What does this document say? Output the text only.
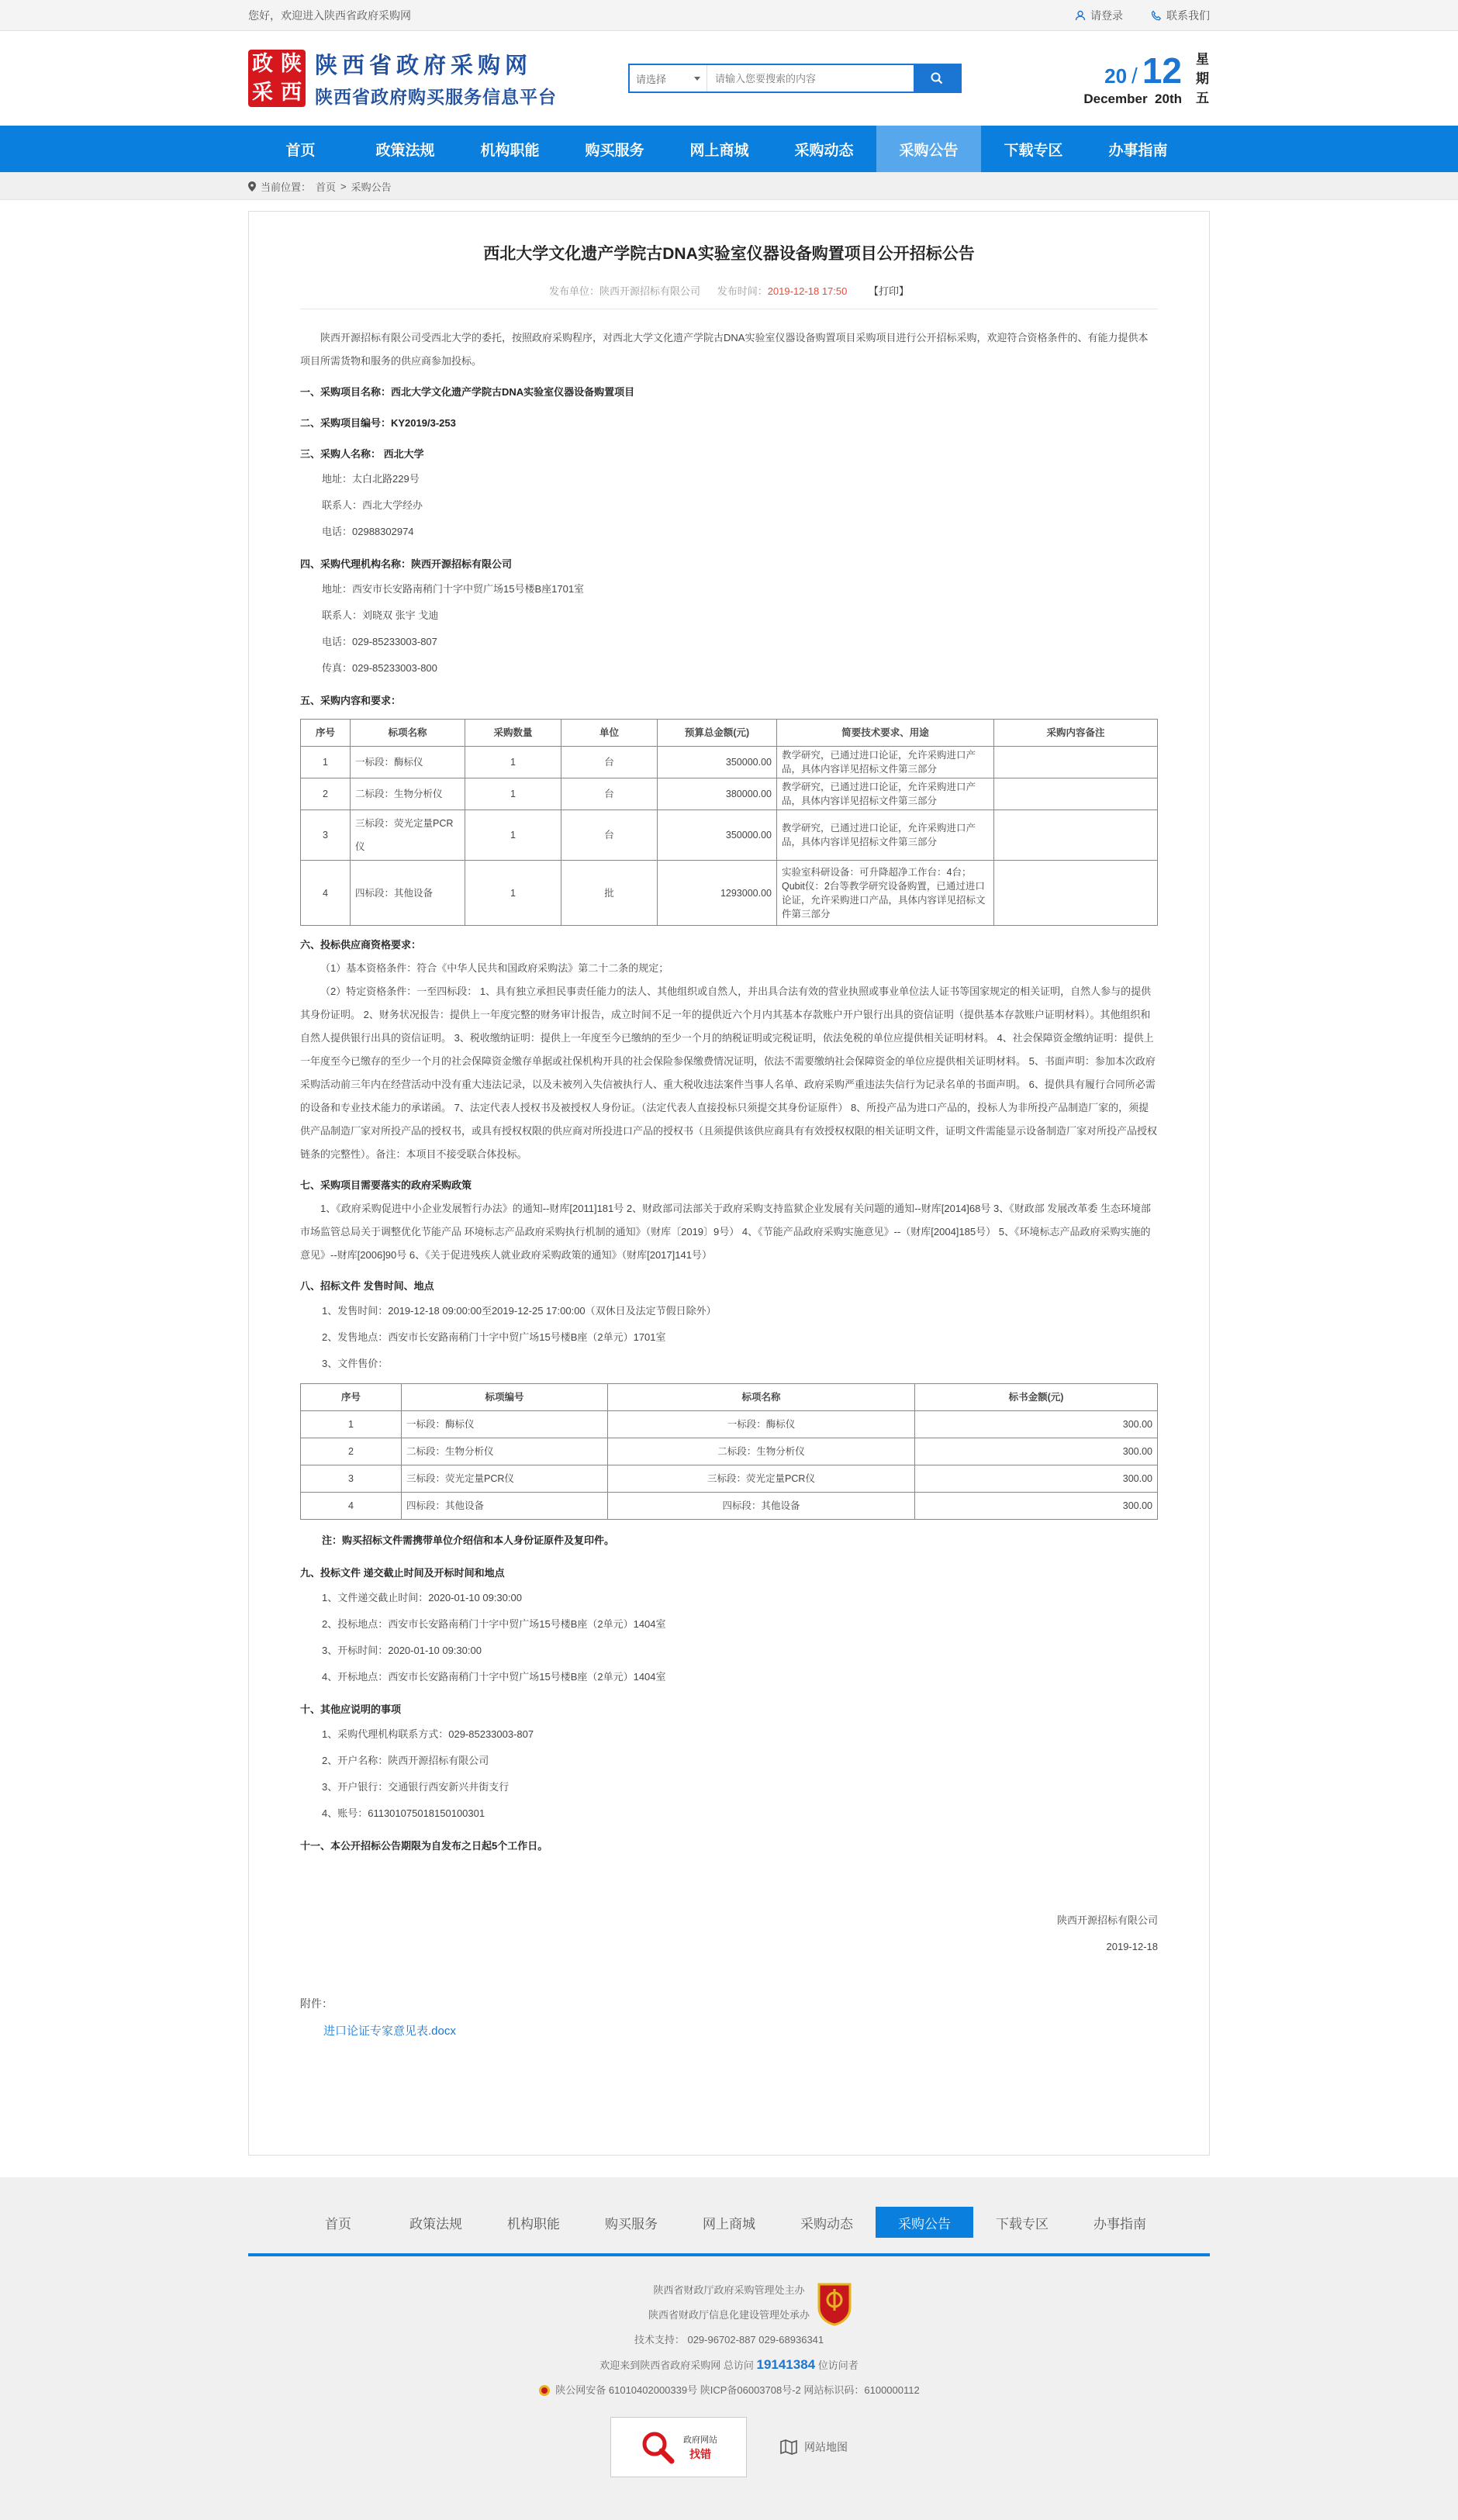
您好，欢迎进入陕西省政府采购网	请登录	联系我们
政 陕
采 西
陕西省政府采购网
陕西省政府购买服务信息平台
请选择
请输入您要搜索的内容	20 / 12
December 20th
星期五
首页	政策法规	机构职能	购买服务	网上商城	采购动态	采购公告	下载专区	办事指南
当前位置： 首页 > 采购公告
西北大学文化遗产学院古DNA实验室仪器设备购置项目公开招标公告
发布单位：陕西开源招标有限公司 发布时间：2019-12-18 17:50 【打印】

陕西开源招标有限公司受西北大学的委托，按照政府采购程序，对西北大学文化遗产学院古DNA实验室仪器设备购置项目采购项目进行公开招标采购，欢迎符合资格条件的、有能力提供本项目所需货物和服务的供应商参加投标。

一、采购项目名称：西北大学文化遗产学院古DNA实验室仪器设备购置项目

二、采购项目编号：KY2019/3-253

三、采购人名称： 西北大学

地址：太白北路229号

联系人：西北大学经办

电话：02988302974

四、采购代理机构名称：陕西开源招标有限公司

地址：西安市长安路南稍门十字中贸广场15号楼B座1701室

联系人：刘晓双 张宇 戈迪

电话：029-85233003-807

传真：029-85233003-800

五、采购内容和要求：

序号	标项名称	采购数量	单位	预算总金额(元)	简要技术要求、用途	采购内容备注
1	一标段：酶标仪	1	台	350000.00	教学研究，已通过进口论证，允许采购进口产品，具体内容详见招标文件第三部分	
2	二标段：生物分析仪	1	台	380000.00	教学研究，已通过进口论证，允许采购进口产品，具体内容详见招标文件第三部分	
3	三标段：荧光定量PCR仪	1	台	350000.00	教学研究，已通过进口论证，允许采购进口产品，具体内容详见招标文件第三部分	
4	四标段：其他设备	1	批	1293000.00	实验室科研设备：可升降超净工作台：4台；Qubit仪：2台等教学研究设备购置，已通过进口论证，允许采购进口产品，具体内容详见招标文件第三部分	

六、投标供应商资格要求：

（1）基本资格条件：符合《中华人民共和国政府采购法》第二十二条的规定；

（2）特定资格条件：一至四标段： 1、具有独立承担民事责任能力的法人、其他组织或自然人，并出具合法有效的营业执照或事业单位法人证书等国家规定的相关证明，自然人参与的提供其身份证明。 2、财务状况报告：提供上一年度完整的财务审计报告，成立时间不足一年的提供近六个月内其基本存款账户开户银行出具的资信证明（提供基本存款账户证明材料）。其他组织和自然人提供银行出具的资信证明。 3、税收缴纳证明：提供上一年度至今已缴纳的至少一个月的纳税证明或完税证明，依法免税的单位应提供相关证明材料。 4、社会保障资金缴纳证明：提供上一年度至今已缴存的至少一个月的社会保障资金缴存单据或社保机构开具的社会保险参保缴费情况证明，依法不需要缴纳社会保障资金的单位应提供相关证明材料。 5、书面声明：参加本次政府采购活动前三年内在经营活动中没有重大违法记录，以及未被列入失信被执行人、重大税收违法案件当事人名单、政府采购严重违法失信行为记录名单的书面声明。 6、提供具有履行合同所必需的设备和专业技术能力的承诺函。 7、法定代表人授权书及被授权人身份证。（法定代表人直接投标只须提交其身份证原件） 8、所投产品为进口产品的，投标人为非所投产品制造厂家的，须提供产品制造厂家对所投产品的授权书，或具有授权权限的供应商对所投进口产品的授权书（且须提供该供应商具有有效授权权限的相关证明文件，证明文件需能显示设备制造厂家对所投产品授权链条的完整性）。备注：本项目不接受联合体投标。

七、采购项目需要落实的政府采购政策

1、《政府采购促进中小企业发展暂行办法》的通知--财库[2011]181号 2、财政部司法部关于政府采购支持监狱企业发展有关问题的通知--财库[2014]68号 3、《财政部 发展改革委 生态环境部 市场监管总局关于调整优化节能产品 环境标志产品政府采购执行机制的通知》（财库〔2019〕9号） 4、《节能产品政府采购实施意见》--（财库[2004]185号） 5、《环境标志产品政府采购实施的意见》--财库[2006]90号 6、《关于促进残疾人就业政府采购政策的通知》（财库[2017]141号）

八、招标文件 发售时间、地点

1、发售时间：2019-12-18 09:00:00至2019-12-25 17:00:00（双休日及法定节假日除外）

2、发售地点：西安市长安路南稍门十字中贸广场15号楼B座（2单元）1701室

3、文件售价：

序号	标项编号	标项名称	标书金额(元)
1	一标段：酶标仪	一标段：酶标仪	300.00
2	二标段：生物分析仪	二标段：生物分析仪	300.00
3	三标段：荧光定量PCR仪	三标段：荧光定量PCR仪	300.00
4	四标段：其他设备	四标段：其他设备	300.00

注：购买招标文件需携带单位介绍信和本人身份证原件及复印件。

九、投标文件 递交截止时间及开标时间和地点

1、文件递交截止时间：2020-01-10 09:30:00

2、投标地点：西安市长安路南稍门十字中贸广场15号楼B座（2单元）1404室

3、开标时间：2020-01-10 09:30:00

4、开标地点：西安市长安路南稍门十字中贸广场15号楼B座（2单元）1404室

十、其他应说明的事项

1、采购代理机构联系方式：029-85233003-807

2、开户名称：陕西开源招标有限公司

3、开户银行：交通银行西安新兴井街支行

4、账号：611301075018150100301

十一、本公开招标公告期限为自发布之日起5个工作日。

陕西开源招标有限公司
2019-12-18
附件：
进口论证专家意见表.docx
首页	政策法规	机构职能	购买服务	网上商城	采购动态	采购公告	下载专区	办事指南
陕西省财政厅政府采购管理处主办
陕西省财政厅信息化建设管理处承办
技术支持： 029-96702-887 029-68936341
欢迎来到陕西省政府采购网 总访问 19141384 位访问者
陕公网安备 61010402000339号 陕ICP备06003708号-2 网站标识码：6100000112
政府网站
找错
网站地图
